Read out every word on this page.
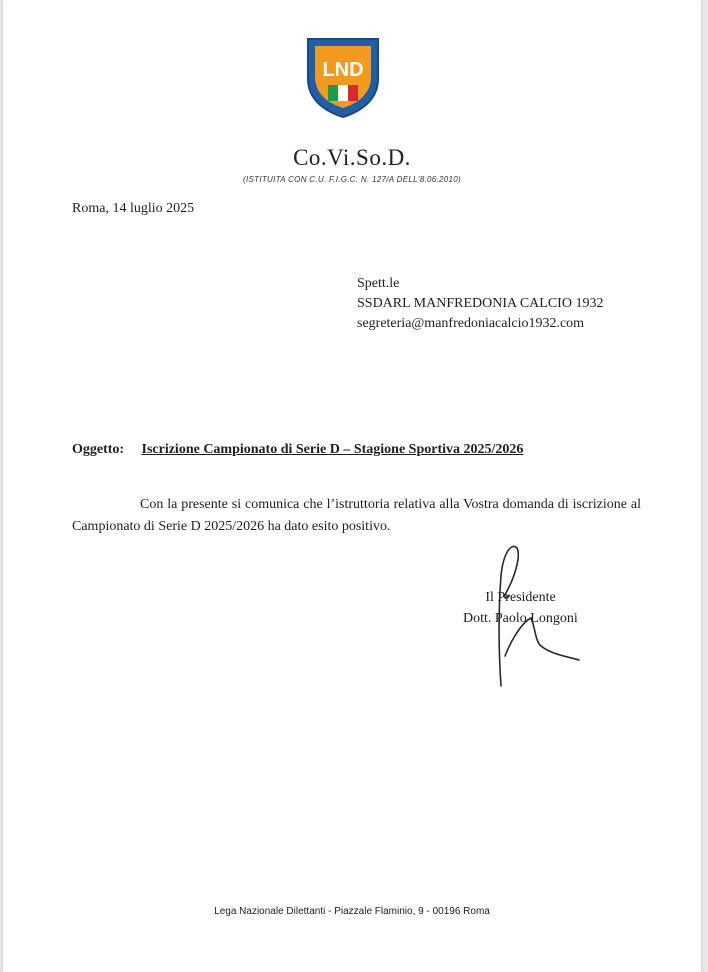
LND
Co.Vi.So.D.
(ISTITUITA CON C.U. F.I.G.C. N. 127/A DELL'8.06.2010)
Roma, 14 luglio 2025
Spett.le
SSDARL MANFREDONIA CALCIO 1932
segreteria@manfredoniacalcio1932.com
Oggetto: Iscrizione Campionato di Serie D – Stagione Sportiva 2025/2026
Con la presente si comunica che l’istruttoria relativa alla Vostra domanda di iscrizione al Campionato di Serie D 2025/2026 ha dato esito positivo.
Il Presidente
Dott. Paolo Longoni
Lega Nazionale Dilettanti - Piazzale Flaminio, 9 - 00196 Roma
